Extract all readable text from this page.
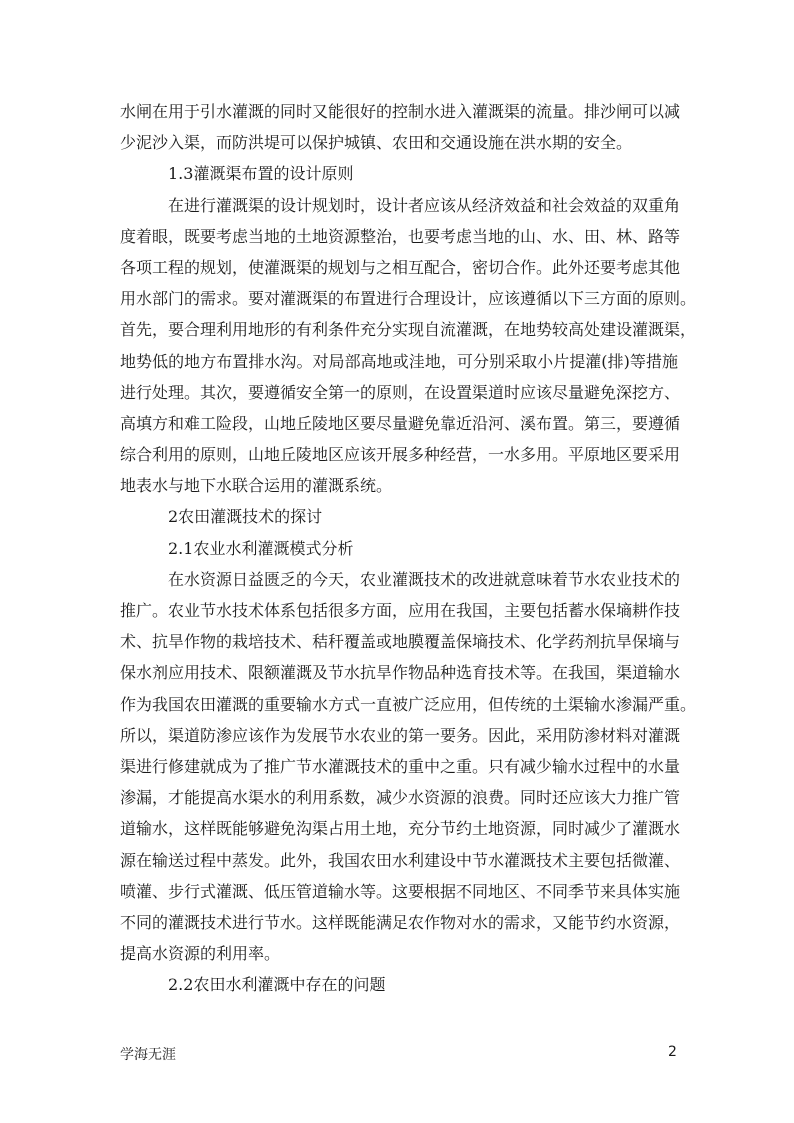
水闸在用于引水灌溉的同时又能很好的控制水进入灌溉渠的流量。排沙闸可以减
少泥沙入渠，而防洪堤可以保护城镇、农田和交通设施在洪水期的安全。
1.3灌溉渠布置的设计原则
在进行灌溉渠的设计规划时，设计者应该从经济效益和社会效益的双重角
度着眼，既要考虑当地的土地资源整治，也要考虑当地的山、水、田、林、路等
各项工程的规划，使灌溉渠的规划与之相互配合，密切合作。此外还要考虑其他
用水部门的需求。要对灌溉渠的布置进行合理设计，应该遵循以下三方面的原则。
首先，要合理利用地形的有利条件充分实现自流灌溉，在地势较高处建设灌溉渠，
地势低的地方布置排水沟。对局部高地或洼地，可分别采取小片提灌(排)等措施
进行处理。其次，要遵循安全第一的原则，在设置渠道时应该尽量避免深挖方、
高填方和难工险段，山地丘陵地区要尽量避免靠近沿河、溪布置。第三，要遵循
综合利用的原则，山地丘陵地区应该开展多种经营，一水多用。平原地区要采用
地表水与地下水联合运用的灌溉系统。
2农田灌溉技术的探讨
2.1农业水利灌溉模式分析
在水资源日益匮乏的今天，农业灌溉技术的改进就意味着节水农业技术的
推广。农业节水技术体系包括很多方面，应用在我国，主要包括蓄水保墒耕作技
术、抗旱作物的栽培技术、秸秆覆盖或地膜覆盖保墒技术、化学药剂抗旱保墒与
保水剂应用技术、限额灌溉及节水抗旱作物品种选育技术等。在我国，渠道输水
作为我国农田灌溉的重要输水方式一直被广泛应用，但传统的土渠输水渗漏严重。
所以，渠道防渗应该作为发展节水农业的第一要务。因此，采用防渗材料对灌溉
渠进行修建就成为了推广节水灌溉技术的重中之重。只有减少输水过程中的水量
渗漏，才能提高水渠水的利用系数，减少水资源的浪费。同时还应该大力推广管
道输水，这样既能够避免沟渠占用土地，充分节约土地资源，同时减少了灌溉水
源在输送过程中蒸发。此外，我国农田水利建设中节水灌溉技术主要包括微灌、
喷灌、步行式灌溉、低压管道输水等。这要根据不同地区、不同季节来具体实施
不同的灌溉技术进行节水。这样既能满足农作物对水的需求，又能节约水资源，
提高水资源的利用率。
2.2农田水利灌溉中存在的问题
学海无涯	2
